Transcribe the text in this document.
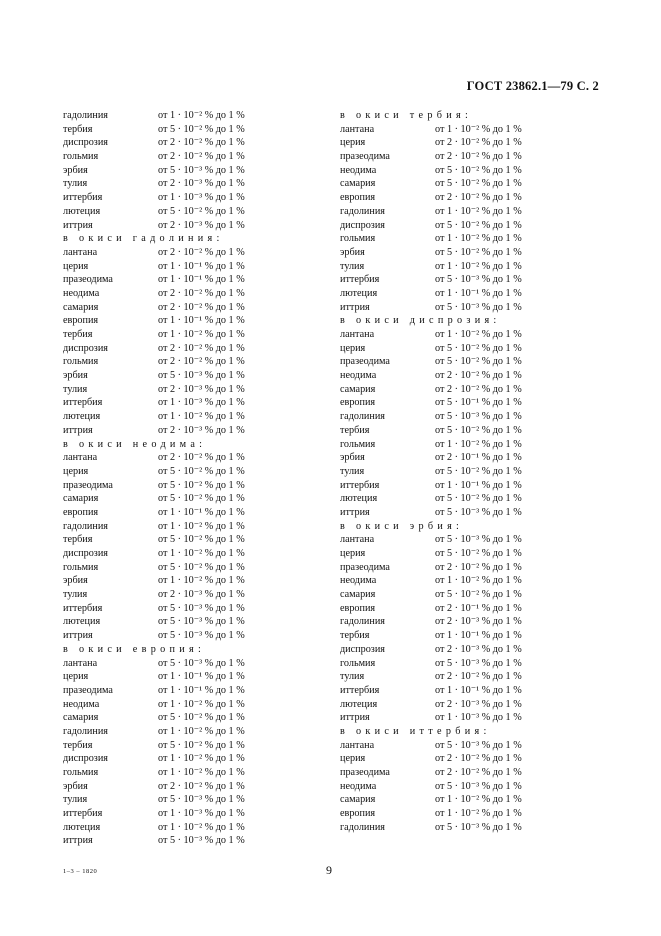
ГОСТ 23862.1—79 С. 2
гадолиния	от 1 · 10⁻² % до 1 %
тербия	от 5 · 10⁻² % до 1 %
диспрозия	от 2 · 10⁻² % до 1 %
гольмия	от 2 · 10⁻² % до 1 %
эрбия	от 5 · 10⁻³ % до 1 %
тулия	от 2 · 10⁻³ % до 1 %
иттербия	от 1 · 10⁻³ % до 1 %
лютеция	от 5 · 10⁻² % до 1 %
иттрия	от 2 · 10⁻³ % до 1 %
в окиси гадолиния:
лантана	от 2 · 10⁻² % до 1 %
церия	от 1 · 10⁻¹ % до 1 %
празеодима	от 1 · 10⁻¹ % до 1 %
неодима	от 2 · 10⁻² % до 1 %
самария	от 2 · 10⁻² % до 1 %
европия	от 1 · 10⁻¹ % до 1 %
тербия	от 1 · 10⁻² % до 1 %
диспрозия	от 2 · 10⁻² % до 1 %
гольмия	от 2 · 10⁻² % до 1 %
эрбия	от 5 · 10⁻³ % до 1 %
тулия	от 2 · 10⁻³ % до 1 %
иттербия	от 1 · 10⁻³ % до 1 %
лютеция	от 1 · 10⁻² % до 1 %
иттрия	от 2 · 10⁻³ % до 1 %
в окиси неодима:
лантана	от 2 · 10⁻² % до 1 %
церия	от 5 · 10⁻² % до 1 %
празеодима	от 5 · 10⁻² % до 1 %
самария	от 5 · 10⁻² % до 1 %
европия	от 1 · 10⁻¹ % до 1 %
гадолиния	от 1 · 10⁻² % до 1 %
тербия	от 5 · 10⁻² % до 1 %
диспрозия	от 1 · 10⁻² % до 1 %
гольмия	от 5 · 10⁻² % до 1 %
эрбия	от 1 · 10⁻² % до 1 %
тулия	от 2 · 10⁻³ % до 1 %
иттербия	от 5 · 10⁻³ % до 1 %
лютеция	от 5 · 10⁻³ % до 1 %
иттрия	от 5 · 10⁻³ % до 1 %
в окиси европия:
лантана	от 5 · 10⁻³ % до 1 %
церия	от 1 · 10⁻¹ % до 1 %
празеодима	от 1 · 10⁻¹ % до 1 %
неодима	от 1 · 10⁻² % до 1 %
самария	от 5 · 10⁻² % до 1 %
гадолиния	от 1 · 10⁻² % до 1 %
тербия	от 5 · 10⁻² % до 1 %
диспрозия	от 1 · 10⁻² % до 1 %
гольмия	от 1 · 10⁻² % до 1 %
эрбия	от 2 · 10⁻² % до 1 %
тулия	от 5 · 10⁻³ % до 1 %
иттербия	от 1 · 10⁻³ % до 1 %
лютеция	от 1 · 10⁻² % до 1 %
иттрия	от 5 · 10⁻³ % до 1 %
в окиси тербия:
лантана	от 1 · 10⁻² % до 1 %
церия	от 2 · 10⁻² % до 1 %
празеодима	от 2 · 10⁻² % до 1 %
неодима	от 5 · 10⁻² % до 1 %
самария	от 5 · 10⁻² % до 1 %
европия	от 2 · 10⁻² % до 1 %
гадолиния	от 1 · 10⁻² % до 1 %
диспрозия	от 5 · 10⁻² % до 1 %
гольмия	от 1 · 10⁻² % до 1 %
эрбия	от 5 · 10⁻² % до 1 %
тулия	от 1 · 10⁻² % до 1 %
иттербия	от 5 · 10⁻³ % до 1 %
лютеция	от 1 · 10⁻¹ % до 1 %
иттрия	от 5 · 10⁻³ % до 1 %
в окиси диспрозия:
лантана	от 1 · 10⁻² % до 1 %
церия	от 5 · 10⁻² % до 1 %
празеодима	от 5 · 10⁻² % до 1 %
неодима	от 2 · 10⁻² % до 1 %
самария	от 2 · 10⁻² % до 1 %
европия	от 5 · 10⁻¹ % до 1 %
гадолиния	от 5 · 10⁻³ % до 1 %
тербия	от 5 · 10⁻² % до 1 %
гольмия	от 1 · 10⁻² % до 1 %
эрбия	от 2 · 10⁻¹ % до 1 %
тулия	от 5 · 10⁻² % до 1 %
иттербия	от 1 · 10⁻¹ % до 1 %
лютеция	от 5 · 10⁻² % до 1 %
иттрия	от 5 · 10⁻³ % до 1 %
в окиси эрбия:
лантана	от 5 · 10⁻³ % до 1 %
церия	от 5 · 10⁻² % до 1 %
празеодима	от 2 · 10⁻² % до 1 %
неодима	от 1 · 10⁻² % до 1 %
самария	от 5 · 10⁻² % до 1 %
европия	от 2 · 10⁻¹ % до 1 %
гадолиния	от 2 · 10⁻³ % до 1 %
тербия	от 1 · 10⁻¹ % до 1 %
диспрозия	от 2 · 10⁻³ % до 1 %
гольмия	от 5 · 10⁻³ % до 1 %
тулия	от 2 · 10⁻² % до 1 %
иттербия	от 1 · 10⁻¹ % до 1 %
лютеция	от 2 · 10⁻³ % до 1 %
иттрия	от 1 · 10⁻³ % до 1 %
в окиси иттербия:
лантана	от 5 · 10⁻³ % до 1 %
церия	от 2 · 10⁻² % до 1 %
празеодима	от 2 · 10⁻² % до 1 %
неодима	от 5 · 10⁻³ % до 1 %
самария	от 1 · 10⁻² % до 1 %
европия	от 1 · 10⁻² % до 1 %
гадолиния	от 5 · 10⁻³ % до 1 %
1–3 – 1820	9
